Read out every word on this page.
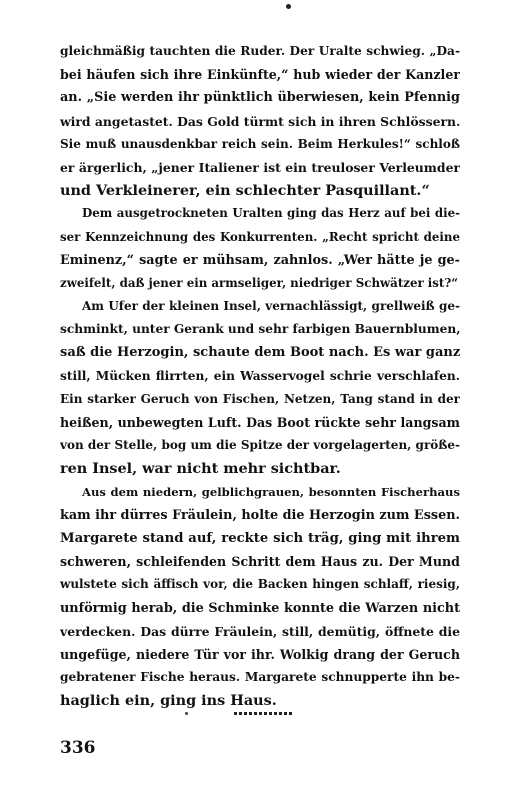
gleichmäßig tauchten die Ruder. Der Uralte schwieg. „Da-
bei häufen sich ihre Einkünfte,“ hub wieder der Kanzler
an. „Sie werden ihr pünktlich überwiesen, kein Pfennig
wird angetastet. Das Gold türmt sich in ihren Schlössern.
Sie muß unausdenkbar reich sein. Beim Herkules!“ schloß
er ärgerlich, „jener Italiener ist ein treuloser Verleumder
und Verkleinerer, ein schlechter Pasquillant.“
Dem ausgetrockneten Uralten ging das Herz auf bei die-
ser Kennzeichnung des Konkurrenten. „Recht spricht deine
Eminenz,“ sagte er mühsam, zahnlos. „Wer hätte je ge-
zweifelt, daß jener ein armseliger, niedriger Schwätzer ist?“
Am Ufer der kleinen Insel, vernachlässigt, grellweiß ge-
schminkt, unter Gerank und sehr farbigen Bauernblumen,
saß die Herzogin, schaute dem Boot nach. Es war ganz
still, Mücken flirrten, ein Wasservogel schrie verschlafen.
Ein starker Geruch von Fischen, Netzen, Tang stand in der
heißen, unbewegten Luft. Das Boot rückte sehr langsam
von der Stelle, bog um die Spitze der vorgelagerten, größe-
ren Insel, war nicht mehr sichtbar.
Aus dem niedern, gelblichgrauen, besonnten Fischerhaus
kam ihr dürres Fräulein, holte die Herzogin zum Essen.
Margarete stand auf, reckte sich träg, ging mit ihrem
schweren, schleifenden Schritt dem Haus zu. Der Mund
wulstete sich äffisch vor, die Backen hingen schlaff, riesig,
unförmig herab, die Schminke konnte die Warzen nicht
verdecken. Das dürre Fräulein, still, demütig, öffnete die
ungefüge, niedere Tür vor ihr. Wolkig drang der Geruch
gebratener Fische heraus. Margarete schnupperte ihn be-
haglich ein, ging ins Haus.
336
